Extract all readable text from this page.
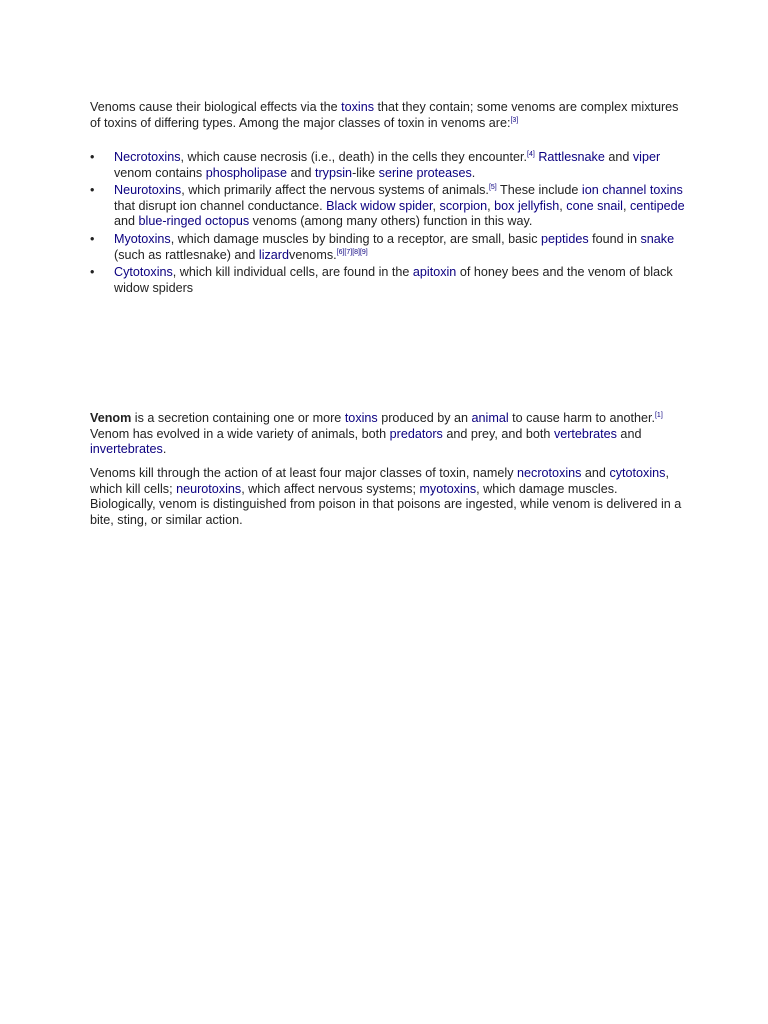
Venoms cause their biological effects via the toxins that they contain; some venoms are complex mixtures of toxins of differing types. Among the major classes of toxin in venoms are:[3]

• Necrotoxins, which cause necrosis (i.e., death) in the cells they encounter.[4] Rattlesnake and viper venom contains phospholipase and trypsin-like serine proteases.
• Neurotoxins, which primarily affect the nervous systems of animals.[5] These include ion channel toxins that disrupt ion channel conductance. Black widow spider, scorpion, box jellyfish, cone snail, centipede and blue-ringed octopus venoms (among many others) function in this way.
• Myotoxins, which damage muscles by binding to a receptor, are small, basic peptides found in snake (such as rattlesnake) and lizardvenoms.[6][7][8][9]
• Cytotoxins, which kill individual cells, are found in the apitoxin of honey bees and the venom of black widow spiders

Venom is a secretion containing one or more toxins produced by an animal to cause harm to another.[1] Venom has evolved in a wide variety of animals, both predators and prey, and both vertebrates and invertebrates.

Venoms kill through the action of at least four major classes of toxin, namely necrotoxins and cytotoxins, which kill cells; neurotoxins, which affect nervous systems; myotoxins, which damage muscles. Biologically, venom is distinguished from poison in that poisons are ingested, while venom is delivered in a bite, sting, or similar action.
